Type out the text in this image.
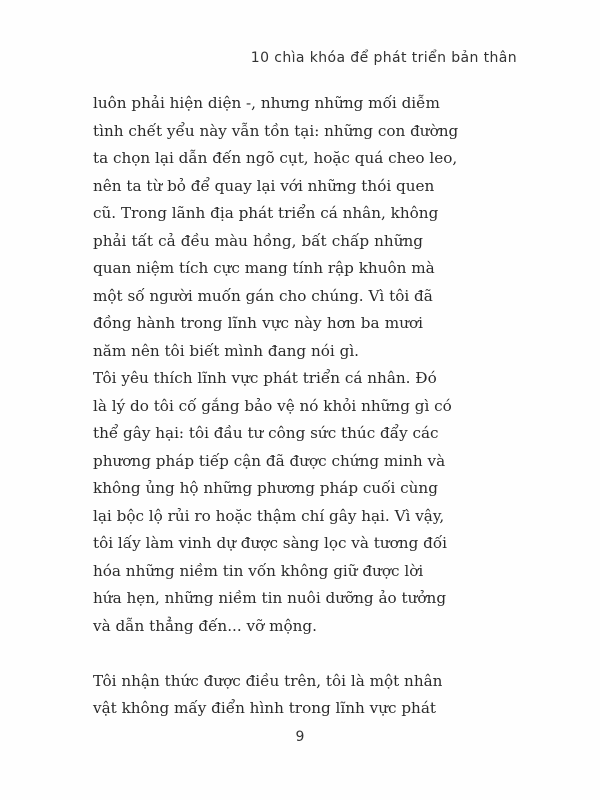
10 chìa khóa để phát triển bản thân
luôn phải hiện diện -, nhưng những mối diễm
tình chết yểu này vẫn tồn tại: những con đường
ta chọn lại dẫn đến ngõ cụt, hoặc quá cheo leo,
nên ta từ bỏ để quay lại với những thói quen
cũ. Trong lãnh địa phát triển cá nhân, không
phải tất cả đều màu hồng, bất chấp những
quan niệm tích cực mang tính rập khuôn mà
một số người muốn gán cho chúng. Vì tôi đã
đồng hành trong lĩnh vực này hơn ba mươi
năm nên tôi biết mình đang nói gì.
Tôi yêu thích lĩnh vực phát triển cá nhân. Đó
là lý do tôi cố gắng bảo vệ nó khỏi những gì có
thể gây hại: tôi đầu tư công sức thúc đẩy các
phương pháp tiếp cận đã được chứng minh và
không ủng hộ những phương pháp cuối cùng
lại bộc lộ rủi ro hoặc thậm chí gây hại. Vì vậy,
tôi lấy làm vinh dự được sàng lọc và tương đối
hóa những niềm tin vốn không giữ được lời
hứa hẹn, những niềm tin nuôi dưỡng ảo tưởng
và dẫn thẳng đến... vỡ mộng.
Tôi nhận thức được điều trên, tôi là một nhân
vật không mấy điển hình trong lĩnh vực phát
9
